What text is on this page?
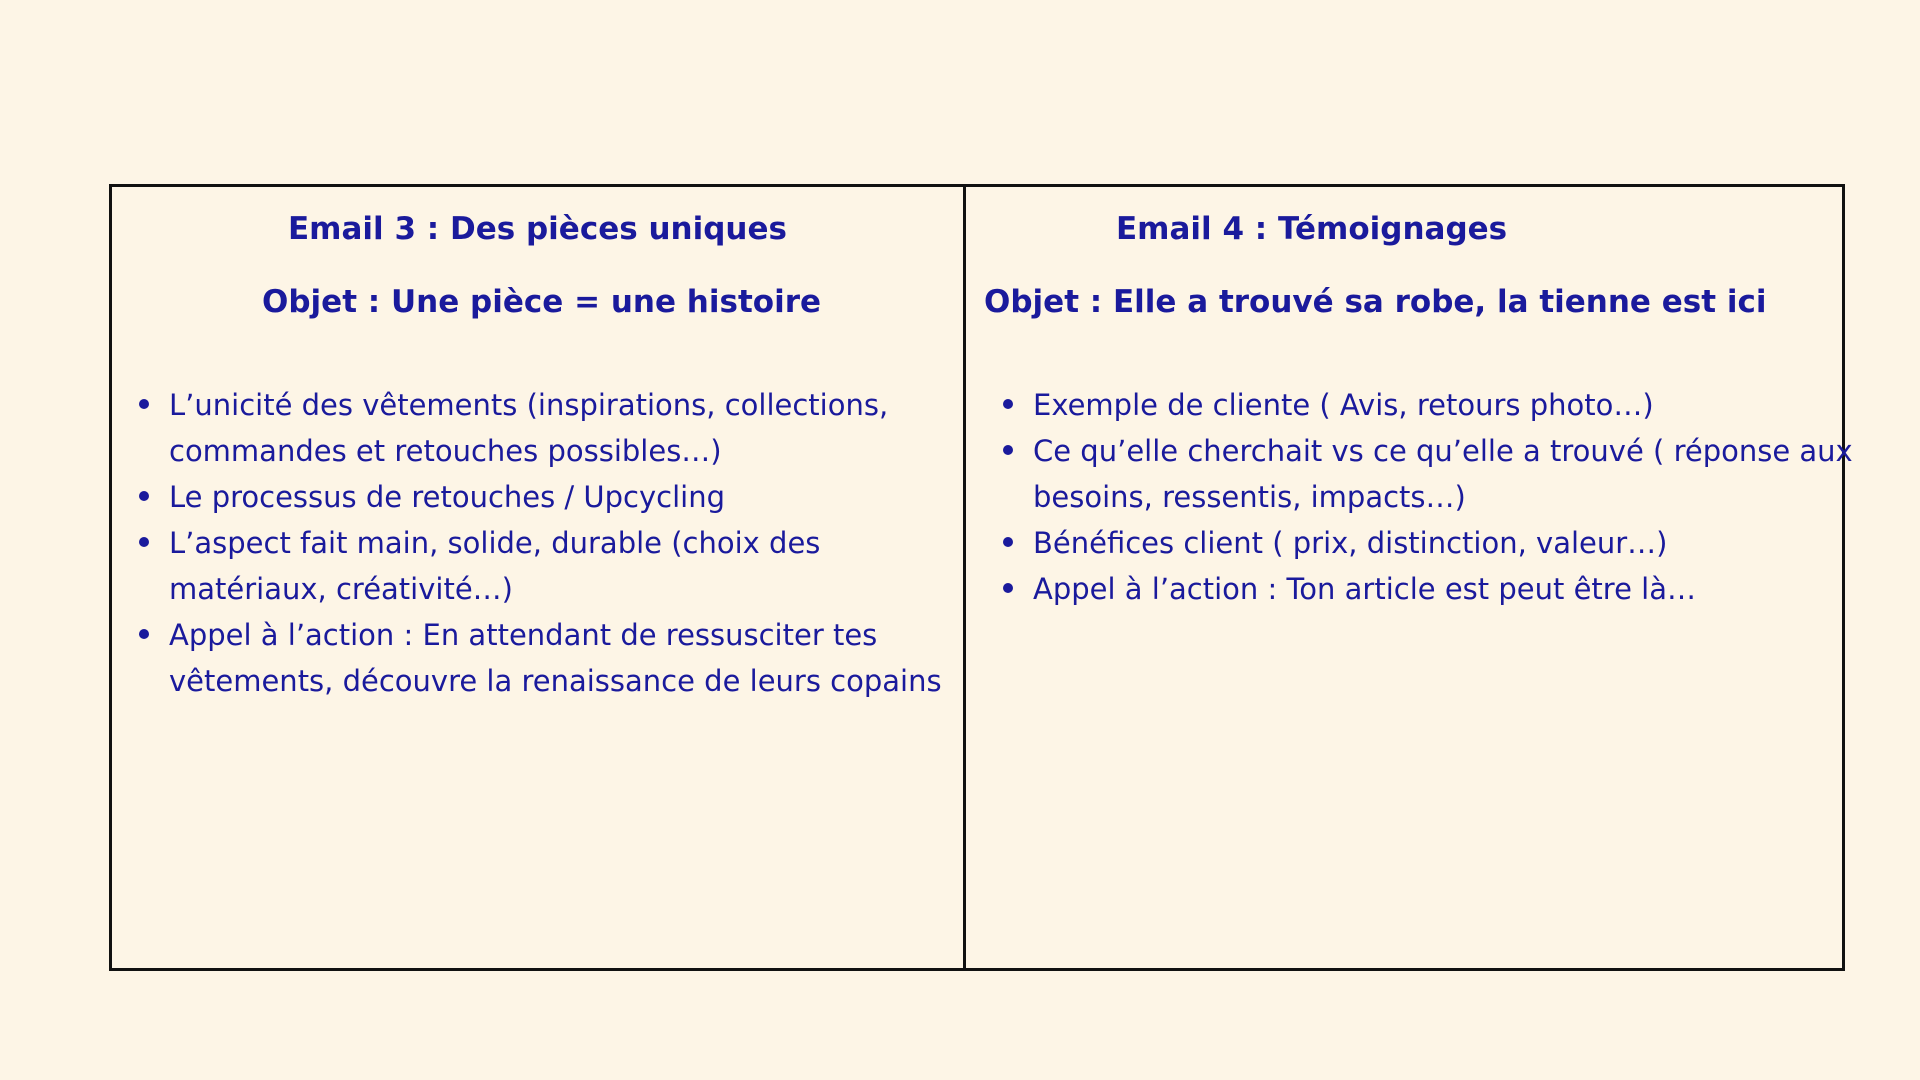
Email 3 : Des pièces uniques
Objet : Une pièce = une histoire
L’unicité des vêtements (inspirations, collections, commandes et retouches possibles…)
Le processus de retouches / Upcycling
L’aspect fait main, solide, durable (choix des matériaux, créativité…)
Appel à l’action : En attendant de ressusciter tes vêtements, découvre la renaissance de leurs copains
Email 4 : Témoignages
Objet : Elle a trouvé sa robe, la tienne est ici
Exemple de cliente ( Avis, retours photo…)
Ce qu’elle cherchait vs ce qu’elle a trouvé ( réponse aux besoins, ressentis, impacts…)
Bénéfices client ( prix, distinction, valeur…)
Appel à l’action : Ton article est peut être là…
